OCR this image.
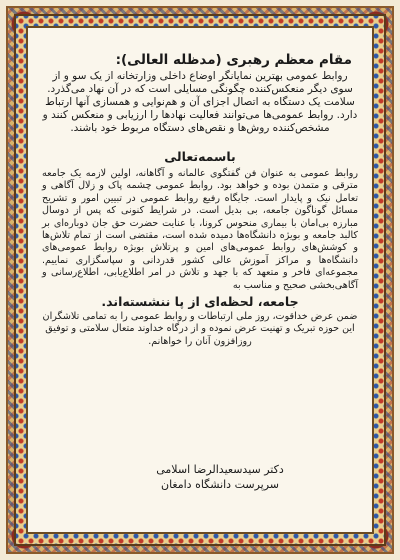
مقام معظم رهبری (مدظله العالی):

روابط عمومی بهترین نمایانگر اوضاع داخلی وزارتخانه از یک سو و از سوی دیگر منعکس‌کننده چگونگی مسایلی است که در آن نهاد می‌گذرد. سلامت یک دستگاه به اتصال اجزای آن و هم‌نوایی و همسازی آنها ارتباط دارد. روابط عمومی‌ها می‌توانند فعالیت نهادها را ارزیابی و منعکس کنند و مشخص‌کننده روش‌ها و نقص‌های دستگاه مربوط خود باشند.

باسمه‌تعالی

روابط عمومی به عنوان فن گفتگوی عالمانه و آگاهانه، اولین لازمه یک جامعه مترقی و متمدن بوده و خواهد بود. روابط عمومی چشمه پاک و زلال آگاهی و تعامل نیک و پایدار است. جایگاه رفیع روابط عمومی در تبیین امور و تشریح مسائل گوناگون جامعه، بی بدیل است. در شرایط کنونی که پس از دوسال مبارزه بی‌امان با بیماری منحوس کرونا، با عنایت حضرت حق جان دوباره‌ای بر کالبد جامعه و بویژه دانشگاه‌ها دمیده شده است، مقتضی است از تمام تلاش‌ها و کوشش‌های روابط عمومی‌های امین و پرتلاش بویژه روابط عمومی‌های دانشگاه‌ها و مراکز آموزش عالی کشور قدردانی و سپاسگزاری نماییم. مجموعه‌ای فاخر و متعهد که با جهد و تلاش در امر اطلاع‌یابی، اطلاع‌رسانی و آگاهی‌بخشی صحیح و مناسب به

جامعه، لحظه‌ای از پا ننشسته‌اند.

ضمن عرض خداقوت، روز ملی ارتباطات و روابط عمومی را به تمامی تلاشگران این حوزه تبریک و تهنیت عرض نموده و از درگاه خداوند متعال سلامتی و توفیق روزافزون آنان را خواهانم.

دکتر سیدسعیدالرضا اسلامی
سرپرست دانشگاه دامغان
